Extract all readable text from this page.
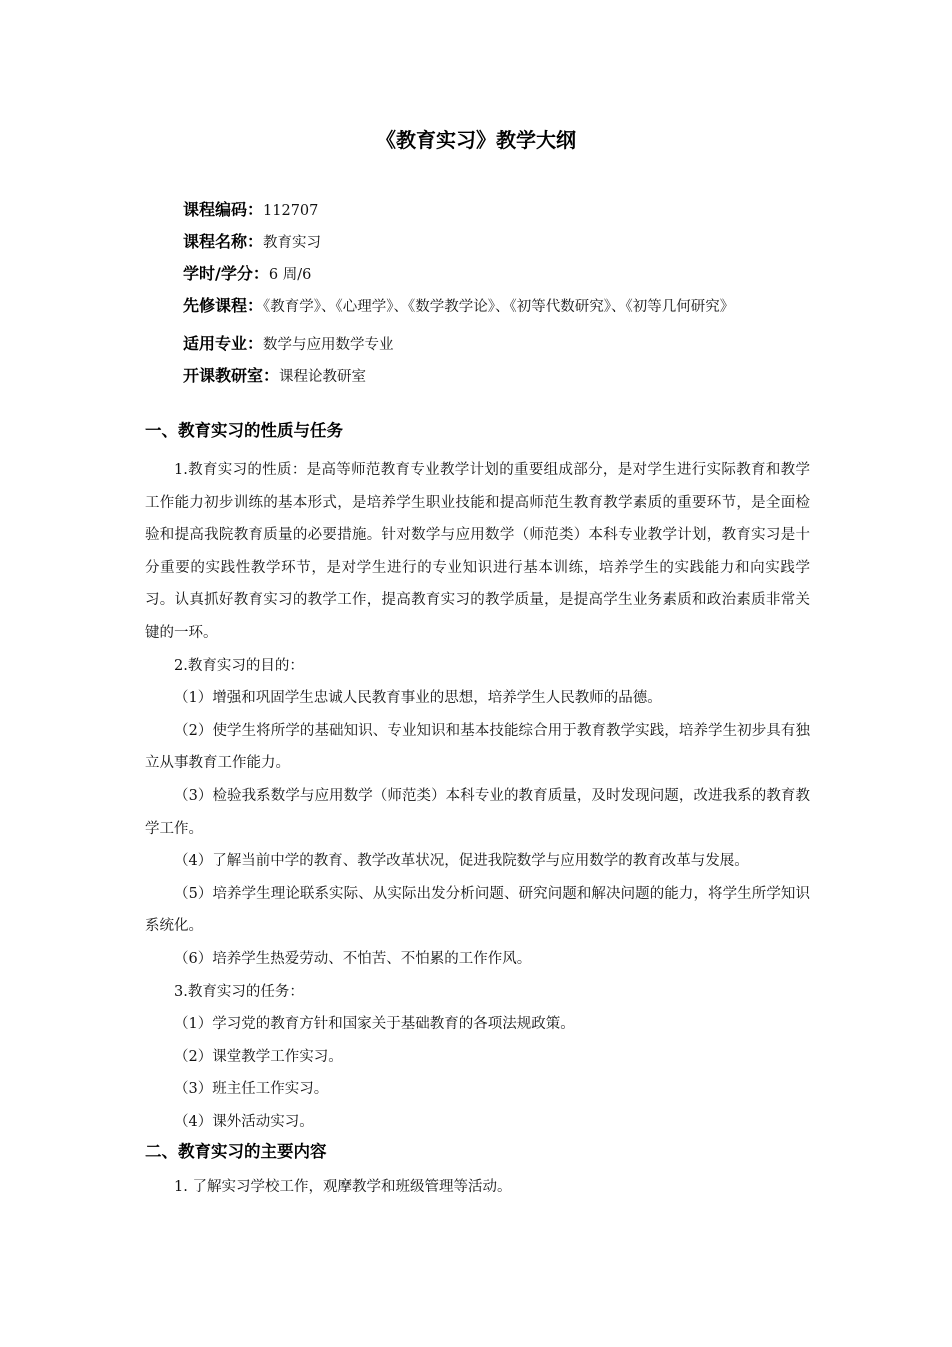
《教育实习》教学大纲
课程编码：112707
课程名称：教育实习
学时/学分：6 周/6
先修课程：《教育学》、《心理学》、《数学教学论》、《初等代数研究》、《初等几何研究》
适用专业：数学与应用数学专业
开课教研室：课程论教研室
一、教育实习的性质与任务

1.教育实习的性质：是高等师范教育专业教学计划的重要组成部分，是对学生进行实际教育和教学工作能力初步训练的基本形式，是培养学生职业技能和提高师范生教育教学素质的重要环节，是全面检验和提高我院教育质量的必要措施。针对数学与应用数学（师范类）本科专业教学计划，教育实习是十分重要的实践性教学环节，是对学生进行的专业知识进行基本训练，培养学生的实践能力和向实践学习。认真抓好教育实习的教学工作，提高教育实习的教学质量，是提高学生业务素质和政治素质非常关键的一环。

2.教育实习的目的：

（1）增强和巩固学生忠诚人民教育事业的思想，培养学生人民教师的品德。

（2）使学生将所学的基础知识、专业知识和基本技能综合用于教育教学实践，培养学生初步具有独立从事教育工作能力。

（3）检验我系数学与应用数学（师范类）本科专业的教育质量，及时发现问题，改进我系的教育教学工作。

（4）了解当前中学的教育、教学改革状况，促进我院数学与应用数学的教育改革与发展。

（5）培养学生理论联系实际、从实际出发分析问题、研究问题和解决问题的能力，将学生所学知识系统化。

（6）培养学生热爱劳动、不怕苦、不怕累的工作作风。

3.教育实习的任务：

（1）学习党的教育方针和国家关于基础教育的各项法规政策。

（2）课堂教学工作实习。

（3）班主任工作实习。

（4）课外活动实习。

二、教育实习的主要内容

1. 了解实习学校工作，观摩教学和班级管理等活动。
